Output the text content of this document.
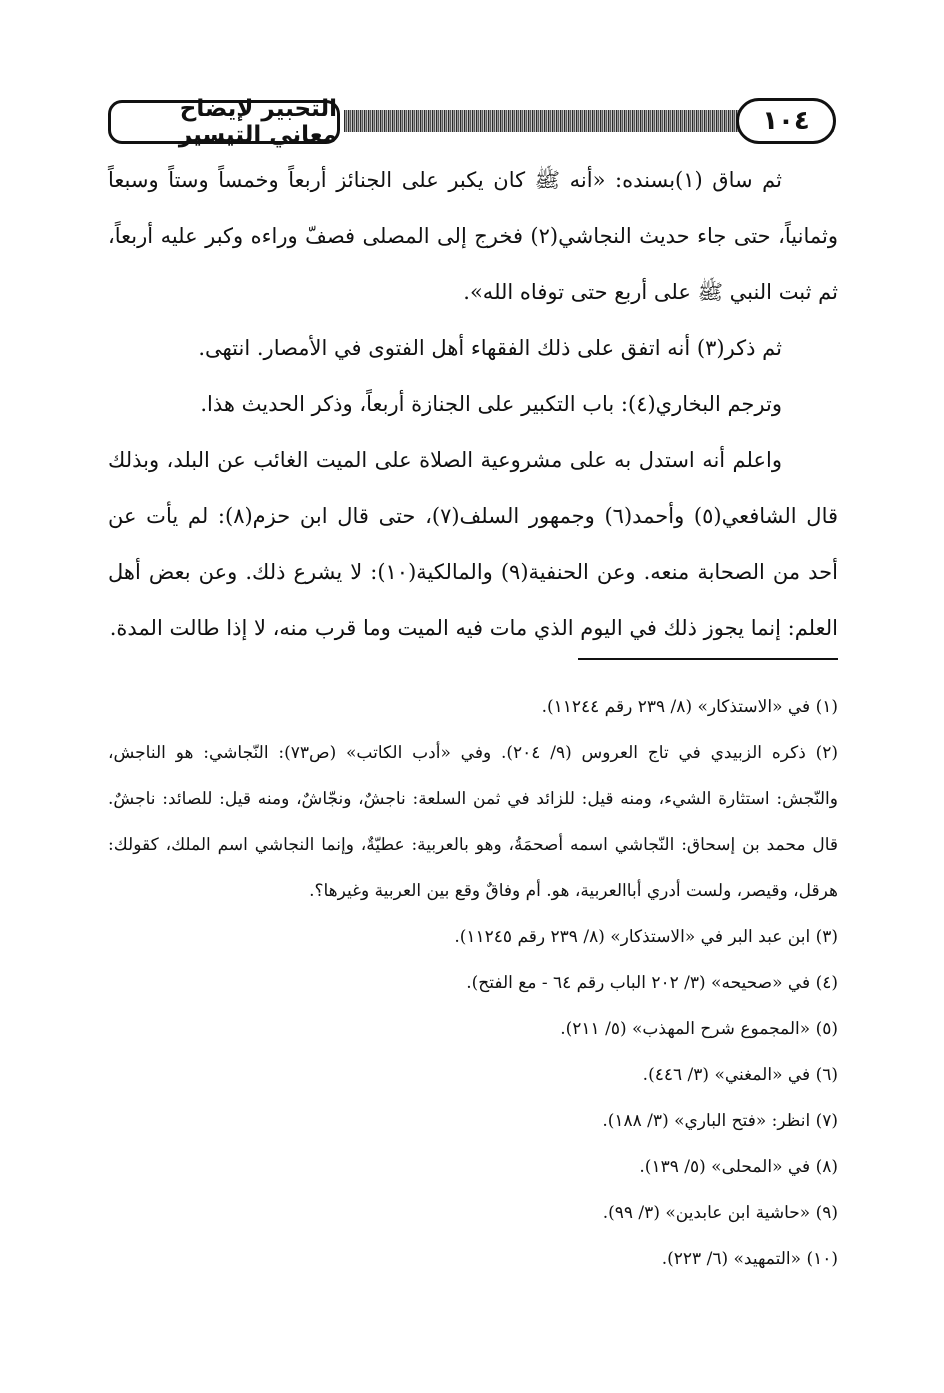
التحبير لإيضاح معاني التيسير	١٠٤

ثم ساق (١)بسنده: «أنه ﷺ كان يكبر على الجنائز أربعاً وخمساً وستاً وسبعاً وثمانياً، حتى جاء حديث النجاشي(٢) فخرج إلى المصلى فصفّ وراءه وكبر عليه أربعاً، ثم ثبت النبي ﷺ على أربع حتى توفاه الله».

ثم ذكر(٣) أنه اتفق على ذلك الفقهاء أهل الفتوى في الأمصار. انتهى.

وترجم البخاري(٤): باب التكبير على الجنازة أربعاً، وذكر الحديث هذا.

واعلم أنه استدل به على مشروعية الصلاة على الميت الغائب عن البلد، وبذلك قال الشافعي(٥) وأحمد(٦) وجمهور السلف(٧)، حتى قال ابن حزم(٨): لم يأت عن أحد من الصحابة منعه. وعن الحنفية(٩) والمالكية(١٠): لا يشرع ذلك. وعن بعض أهل العلم: إنما يجوز ذلك في اليوم الذي مات فيه الميت وما قرب منه، لا إذا طالت المدة.

(١) في «الاستذكار» (٨/ ٢٣٩ رقم ١١٢٤٤).
(٢) ذكره الزبيدي في تاج العروس (٩/ ٢٠٤). وفي «أدب الكاتب» (ص٧٣): النّجاشي: هو الناجش، والنّجش: استثارة الشيء، ومنه قيل: للزائد في ثمن السلعة: ناجشٌ، ونجّاشٌ، ومنه قيل: للصائد: ناجشٌ. قال محمد بن إسحاق: النّجاشي اسمه أصحمَةُ، وهو بالعربية: عطيّةٌ، وإنما النجاشي اسم الملك، كقولك: هرقل، وقيصر، ولست أدري أباالعربية، هو. أم وفاقٌ وقع بين العربية وغيرها؟.
(٣) ابن عبد البر في «الاستذكار» (٨/ ٢٣٩ رقم ١١٢٤٥).
(٤) في «صحيحه» (٣/ ٢٠٢ الباب رقم ٦٤ - مع الفتح).
(٥) «المجموع شرح المهذب» (٥/ ٢١١).
(٦) في «المغني» (٣/ ٤٤٦).
(٧) انظر: «فتح الباري» (٣/ ١٨٨).
(٨) في «المحلى» (٥/ ١٣٩).
(٩) «حاشية ابن عابدين» (٣/ ٩٩).
(١٠) «التمهيد» (٦/ ٢٢٣).
